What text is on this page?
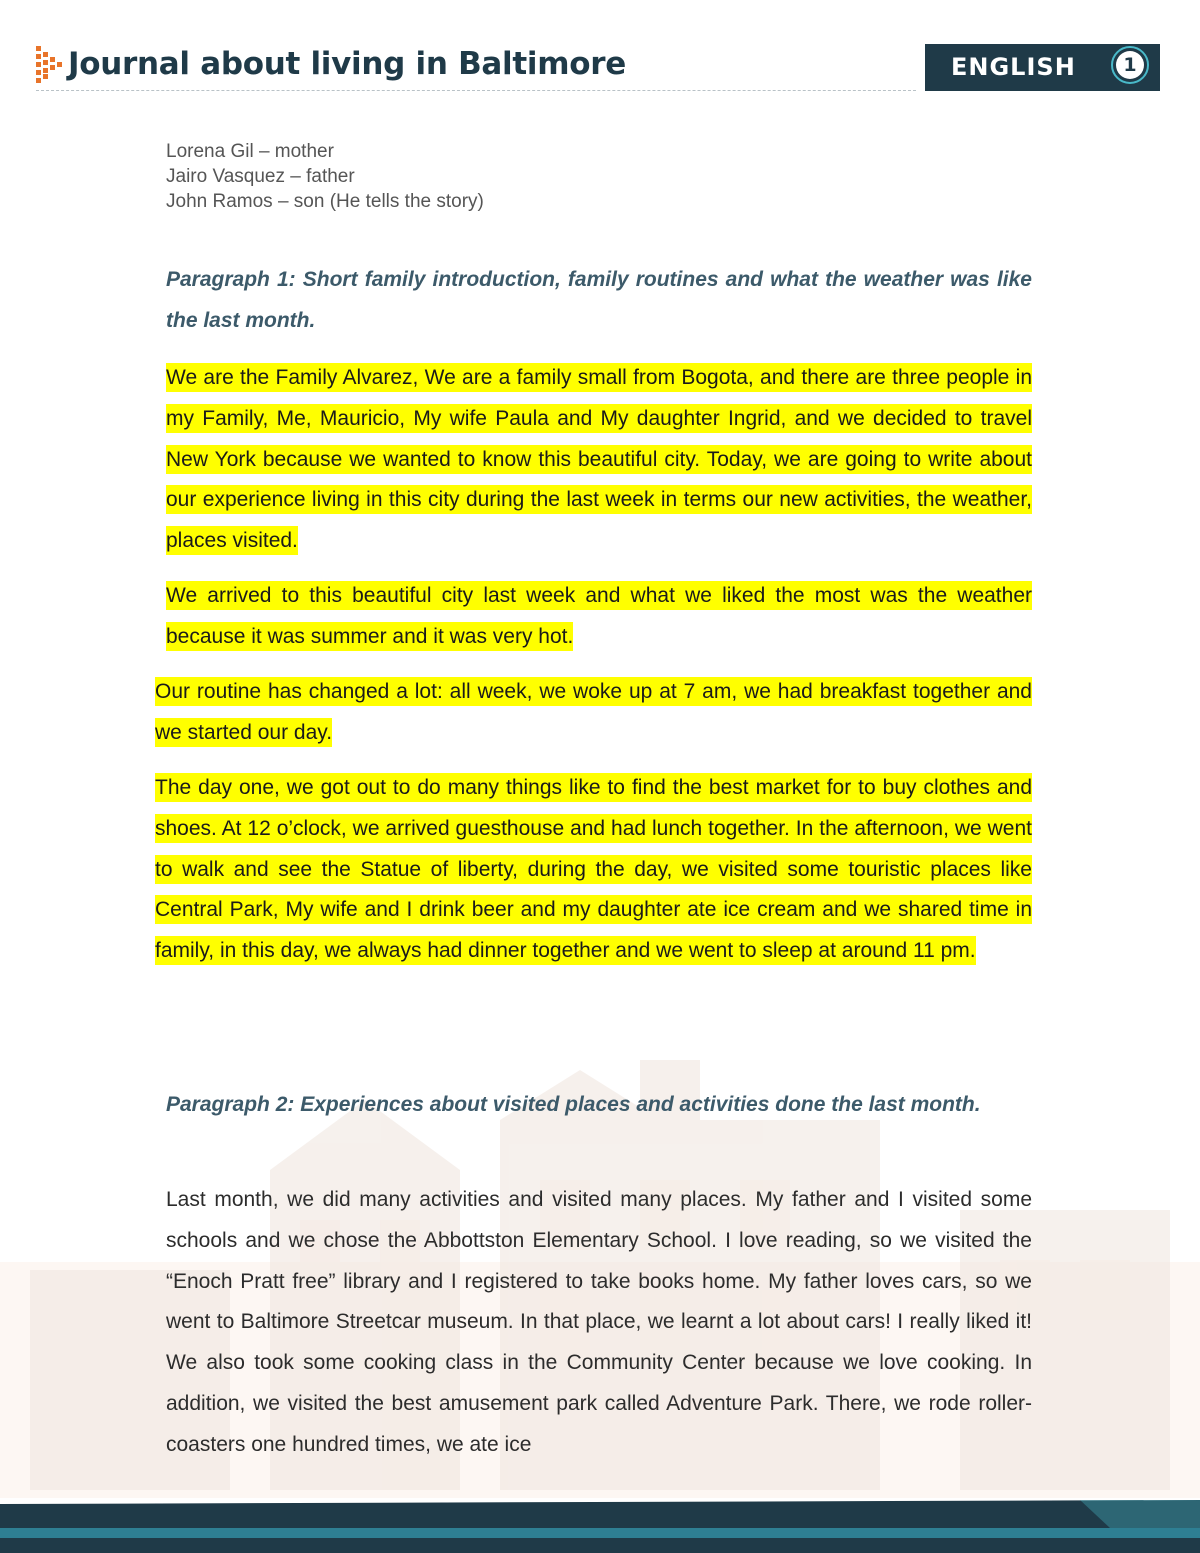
Journal about living in Baltimore	ENGLISH	1
Lorena Gil – mother
Jairo Vasquez – father
John Ramos – son (He tells the story)

Paragraph 1: Short family introduction, family routines and what the weather was like the last month.

We are the Family Alvarez, We are a family small from Bogota, and there are three people in my Family, Me, Mauricio, My wife Paula and My daughter Ingrid, and we decided to travel New York because we wanted to know this beautiful city. Today, we are going to write about our experience living in this city during the last week in terms our new activities, the weather, places visited.

We arrived to this beautiful city last week and what we liked the most was the weather because it was summer and it was very hot.

Our routine has changed a lot: all week, we woke up at 7 am, we had breakfast together and we started our day.

The day one, we got out to do many things like to find the best market for to buy clothes and shoes. At 12 o’clock, we arrived guesthouse and had lunch together. In the afternoon, we went to walk and see the Statue of liberty, during the day, we visited some touristic places like Central Park, My wife and I drink beer and my daughter ate ice cream and we shared time in family, in this day, we always had dinner together and we went to sleep at around 11 pm.

Paragraph 2: Experiences about visited places and activities done the last month.

Last month, we did many activities and visited many places. My father and I visited some schools and we chose the Abbottston Elementary School. I love reading, so we visited the “Enoch Pratt free” library and I registered to take books home. My father loves cars, so we went to Baltimore Streetcar museum. In that place, we learnt a lot about cars! I really liked it! We also took some cooking class in the Community Center because we love cooking. In addition, we visited the best amusement park called Adventure Park. There, we rode roller-coasters one hundred times, we ate ice
